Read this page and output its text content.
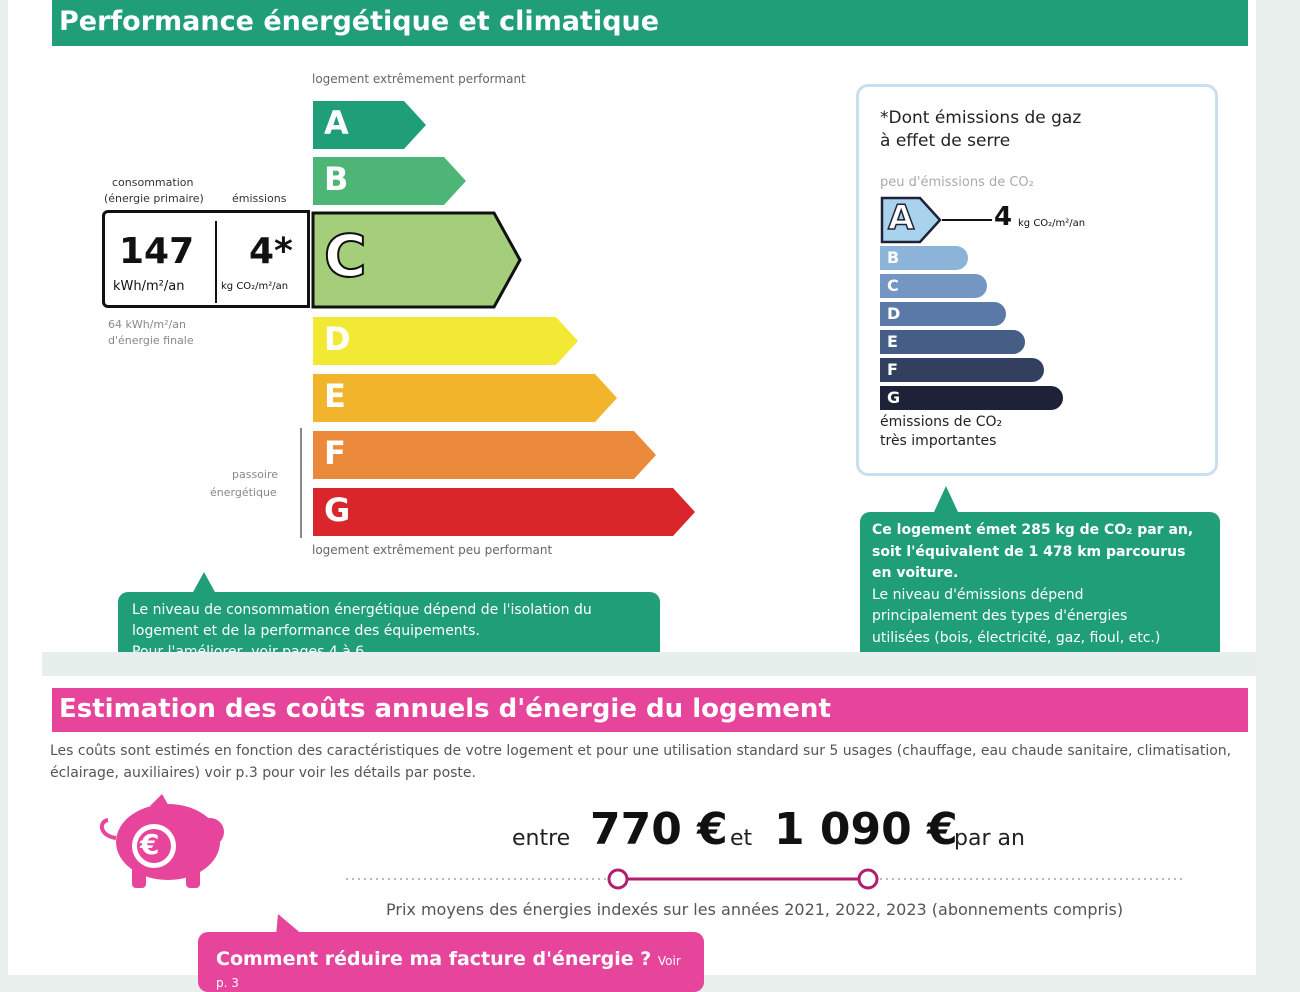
Performance énergétique et climatique
logement extrêmement performant
logement extrêmement peu performant
A
B
C
D
E
F
G
consommation
(énergie primaire)	émissions
147
kWh/m²/an
4*
kg CO₂/m²/an
64 kWh/m²/an
d'énergie finale
passoire
énergétique
Le niveau de consommation énergétique dépend de l'isolation du
logement et de la performance des équipements.
*Dont émissions de gaz
à effet de serre
peu d'émissions de CO₂
A	4 kg CO₂/m²/an
B
C
D
E
F
G
émissions de CO₂
très importantes
Ce logement émet 285 kg de CO₂ par an,
soit l'équivalent de 1 478 km parcourus
en voiture.
Le niveau d'émissions dépend
principalement des types d'énergies
utilisées (bois, électricité, gaz, fioul, etc.)
Estimation des coûts annuels d'énergie du logement
Les coûts sont estimés en fonction des caractéristiques de votre logement et pour une utilisation standard sur 5 usages (chauffage, eau chaude sanitaire, climatisation, éclairage, auxiliaires) voir p.3 pour voir les détails par poste.
€	entre 770 € et 1 090 €
par an
Prix moyens des énergies indexés sur les années 2021, 2022, 2023 (abonnements compris)
Comment réduire ma facture d'énergie ? Voir p. 3
